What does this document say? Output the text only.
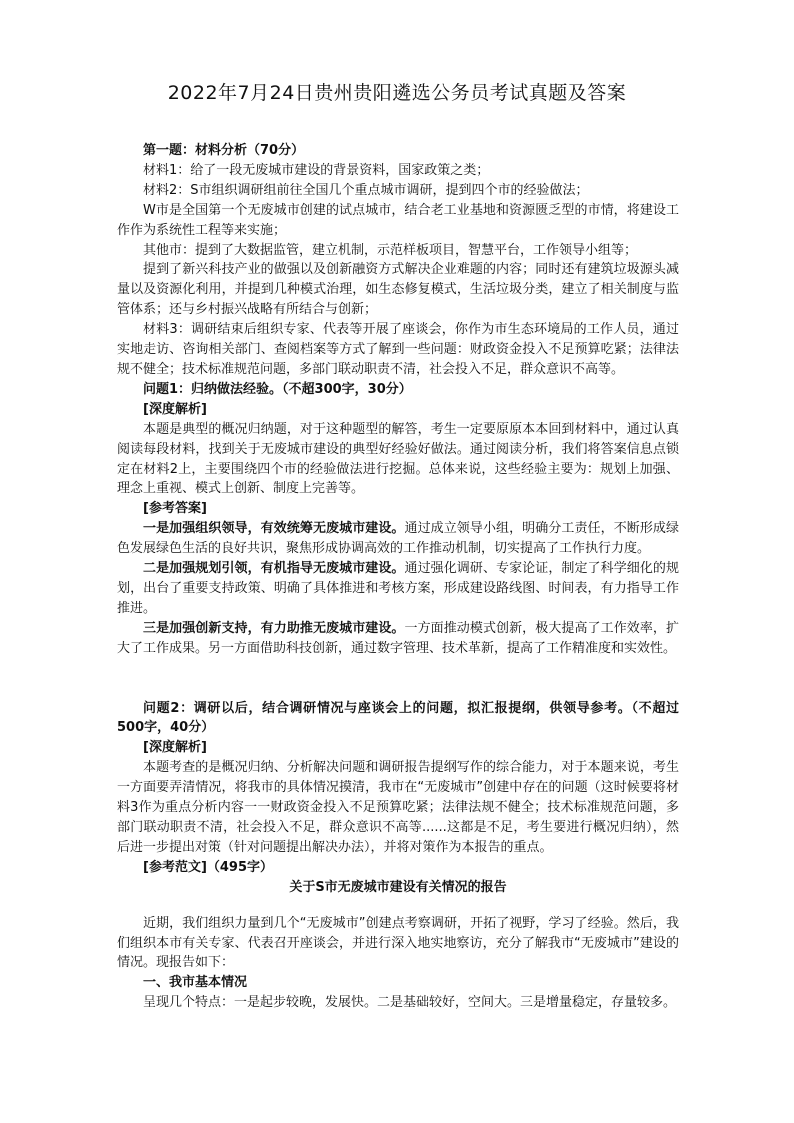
2022年7月24日贵州贵阳遴选公务员考试真题及答案

第一题：材料分析（70分）

材料1：给了一段无废城市建设的背景资料，国家政策之类；

材料2：S市组织调研组前往全国几个重点城市调研，提到四个市的经验做法；

W市是全国第一个无废城市创建的试点城市，结合老工业基地和资源匮乏型的市情，将建设工作作为系统性工程等来实施；

其他市：提到了大数据监管，建立机制，示范样板项目，智慧平台，工作领导小组等；

提到了新兴科技产业的做强以及创新融资方式解决企业难题的内容；同时还有建筑垃圾源头减量以及资源化利用，并提到几种模式治理，如生态修复模式，生活垃圾分类，建立了相关制度与监管体系；还与乡村振兴战略有所结合与创新；

材料3：调研结束后组织专家、代表等开展了座谈会，你作为市生态环境局的工作人员，通过实地走访、咨询相关部门、查阅档案等方式了解到一些问题：财政资金投入不足预算吃紧；法律法规不健全；技术标准规范问题，多部门联动职责不清，社会投入不足，群众意识不高等。

问题1：归纳做法经验。（不超300字，30分）

[深度解析]

本题是典型的概况归纳题，对于这种题型的解答，考生一定要原原本本回到材料中，通过认真阅读每段材料，找到关于无废城市建设的典型好经验好做法。通过阅读分析，我们将答案信息点锁定在材料2上，主要围绕四个市的经验做法进行挖掘。总体来说，这些经验主要为：规划上加强、理念上重视、模式上创新、制度上完善等。

[参考答案]

一是加强组织领导，有效统筹无废城市建设。通过成立领导小组，明确分工责任，不断形成绿色发展绿色生活的良好共识，聚焦形成协调高效的工作推动机制，切实提高了工作执行力度。

二是加强规划引领，有机指导无废城市建设。通过强化调研、专家论证，制定了科学细化的规划，出台了重要支持政策、明确了具体推进和考核方案，形成建设路线图、时间表，有力指导工作推进。

三是加强创新支持，有力助推无废城市建设。一方面推动模式创新，极大提高了工作效率，扩大了工作成果。另一方面借助科技创新，通过数字管理、技术革新，提高了工作精准度和实效性。

问题2：调研以后，结合调研情况与座谈会上的问题，拟汇报提纲，供领导参考。（不超过500字，40分）

[深度解析]

本题考查的是概况归纳、分析解决问题和调研报告提纲写作的综合能力，对于本题来说，考生一方面要弄清情况，将我市的具体情况摸清，我市在“无废城市”创建中存在的问题（这时候要将材料3作为重点分析内容一一财政资金投入不足预算吃紧；法律法规不健全；技术标准规范问题，多部门联动职责不清，社会投入不足，群众意识不高等......这都是不足，考生要进行概况归纳），然后进一步提出对策（针对问题提出解决办法），并将对策作为本报告的重点。

[参考范文]（495字）

关于S市无废城市建设有关情况的报告

近期，我们组织力量到几个“无废城市”创建点考察调研，开拓了视野，学习了经验。然后，我们组织本市有关专家、代表召开座谈会，并进行深入地实地察访，充分了解我市“无废城市”建设的情况。现报告如下：

一、我市基本情况

呈现几个特点：一是起步较晚，发展快。二是基础较好，空间大。三是增量稳定，存量较多。
